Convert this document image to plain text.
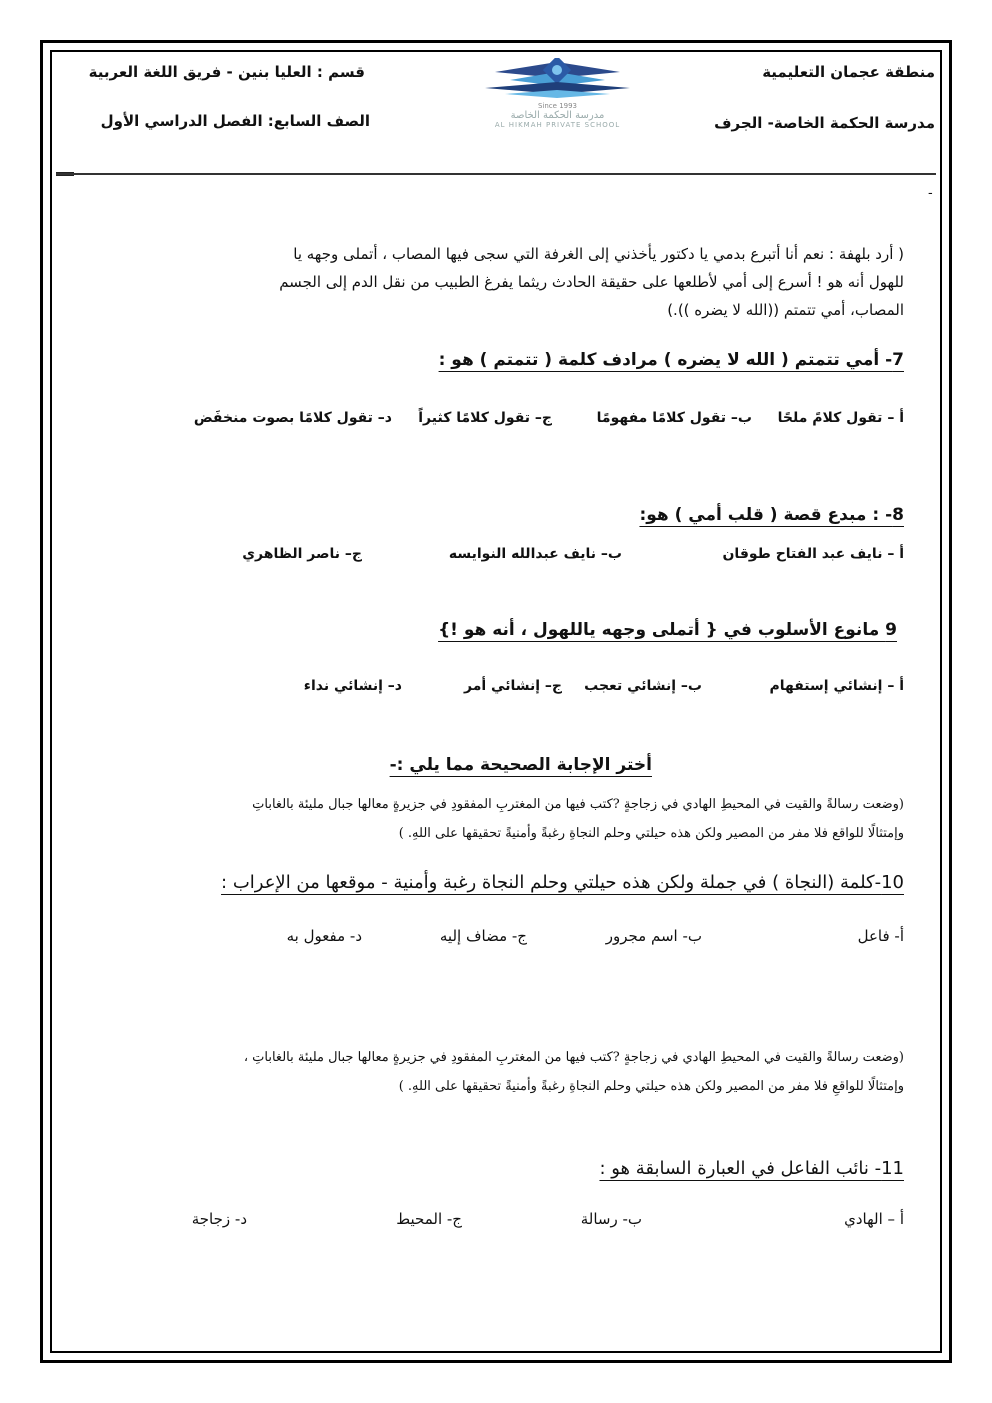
منطقة عجمان التعليمية
مدرسة الحكمة الخاصة- الجرف
قسم : العليا بنين - فريق اللغة العربية
الصف السابع: الفصل الدراسي الأول
Since 1993
مدرسة الحكمة الخاصة
AL HIKMAH PRIVATE SCHOOL
-
( أرد بلهفة : نعم أنا أتبرع بدمي يا دكتور يأخذني إلى الغرفة التي سجى فيها المصاب ، أتملى وجهه يا
للهول أنه هو ! أسرع إلى أمي لأطلعها على حقيقة الحادث ريثما يفرغ الطبيب من نقل الدم إلى الجسم
المصاب، أمي تتمتم ((الله لا يضره )).)
7- أمي تتمتم ( الله لا يضره ) مرادف كلمة ( تتمتم ) هو :
أ – تقول كلامً ملحًا
ب– تقول كلامًا مفهومًا
ج– تقول كلامًا كثيراً
د– تقول كلامًا بصوت منخفَض
8- : مبدع قصة ( قلب أمي ) هو:
أ – نايف عبد الفتاح طوقان
ب– نايف عبدالله النوايسه
ج– ناصر الظاهري
9 مانوع الأسلوب في { أتملى وجهه ياللهول ، أنه هو !}
أ – إنشائي إستفهام
ب– إنشائي تعجب
ج– إنشائي أمر
د– إنشائي نداء
أختر الإجابة الصحيحة مما يلي :-
(وضعت رسالةً والقيت في المحيطِ الهادي في زجاجةٍ ?كتب فيها من المغتربِ المفقودِ في جزيرةٍ معالها جبال مليئة بالغاباتِ
وإمتثالًا للواقع فلا مفر من المصير ولكن هذه حيلتي وحلم النجاةِ رغبةً وأمنيةً تحقيقها على اللهِ. )
10-كلمة (النجاة ) في جملة ولكن هذه حيلتي وحلم النجاة رغبة وأمنية - موقعها من الإعراب :
أ- فاعل
ب- اسم مجرور
ج- مضاف إليه
د- مفعول به
(وضعت رسالةً والقيت في المحيطِ الهادي في زجاجةٍ ?كتب فيها من المغتربِ المفقودِ في جزيرةٍ معالها جبال مليئة بالغاباتِ ،
وإمتثالًا للواقعِ فلا مفر من المصير ولكن هذه حيلتي وحلم النجاةِ رغبةً وأمنيةً تحقيقها على اللهِ. )
11- نائب الفاعل في العبارة السابقة هو :
أ – الهادي
ب- رسالة
ج- المحيط
د- زجاجة
